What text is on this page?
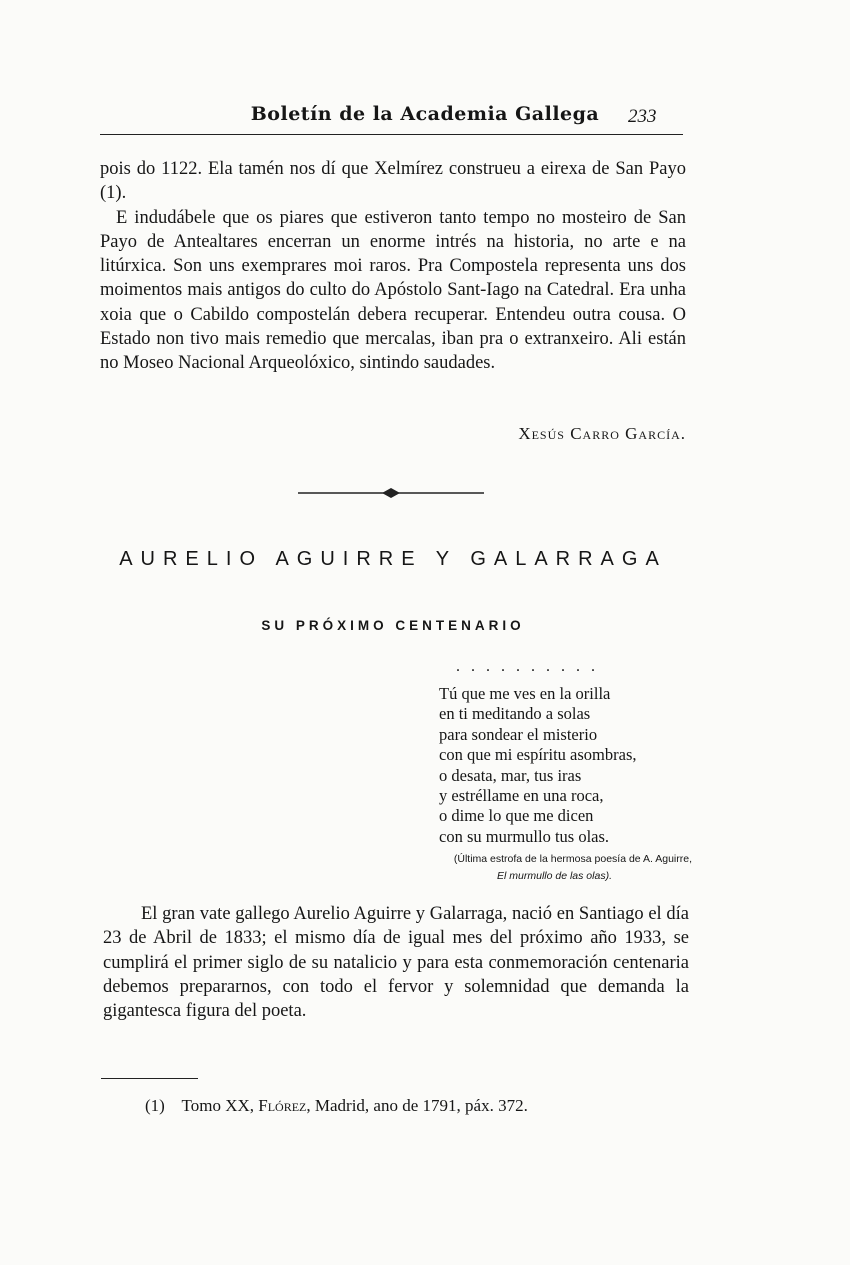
Boletín de la Academia Gallega	233

pois do 1122. Ela tamén nos dí que Xelmírez construeu a eirexa de San Payo (1).

E indudábele que os piares que estiveron tanto tempo no mosteiro de San Payo de Antealtares encerran un enorme intrés na historia, no arte e na litúrxica. Son uns exemprares moi raros. Pra Compostela representa uns dos moimentos mais antigos do culto do Apóstolo Sant-Iago na Catedral. Era unha xoia que o Cabildo compostelán debera recuperar. Entendeu outra cousa. O Estado non tivo mais remedio que mercalas, iban pra o extranxeiro. Ali están no Moseo Nacional Arqueolóxico, sintindo saudades.

Xesús Carro García.
AURELIO AGUIRRE Y GALARRAGA
SU PRÓXIMO CENTENARIO
..........
Tú que me ves en la orilla
en ti meditando a solas
para sondear el misterio
con que mi espíritu asombras,
o desata, mar, tus iras
y estréllame en una roca,
o dime lo que me dicen
con su murmullo tus olas.
(Última estrofa de la hermosa poesía de A. Aguirre,
El murmullo de las olas).

El gran vate gallego Aurelio Aguirre y Galarraga, nació en Santiago el día 23 de Abril de 1833; el mismo día de igual mes del próximo año 1933, se cumplirá el primer siglo de su natalicio y para esta conmemoración centenaria debemos prepararnos, con todo el fervor y solemnidad que demanda la gigantesca figura del poeta.

(1) Tomo XX, Flórez, Madrid, ano de 1791, páx. 372.
